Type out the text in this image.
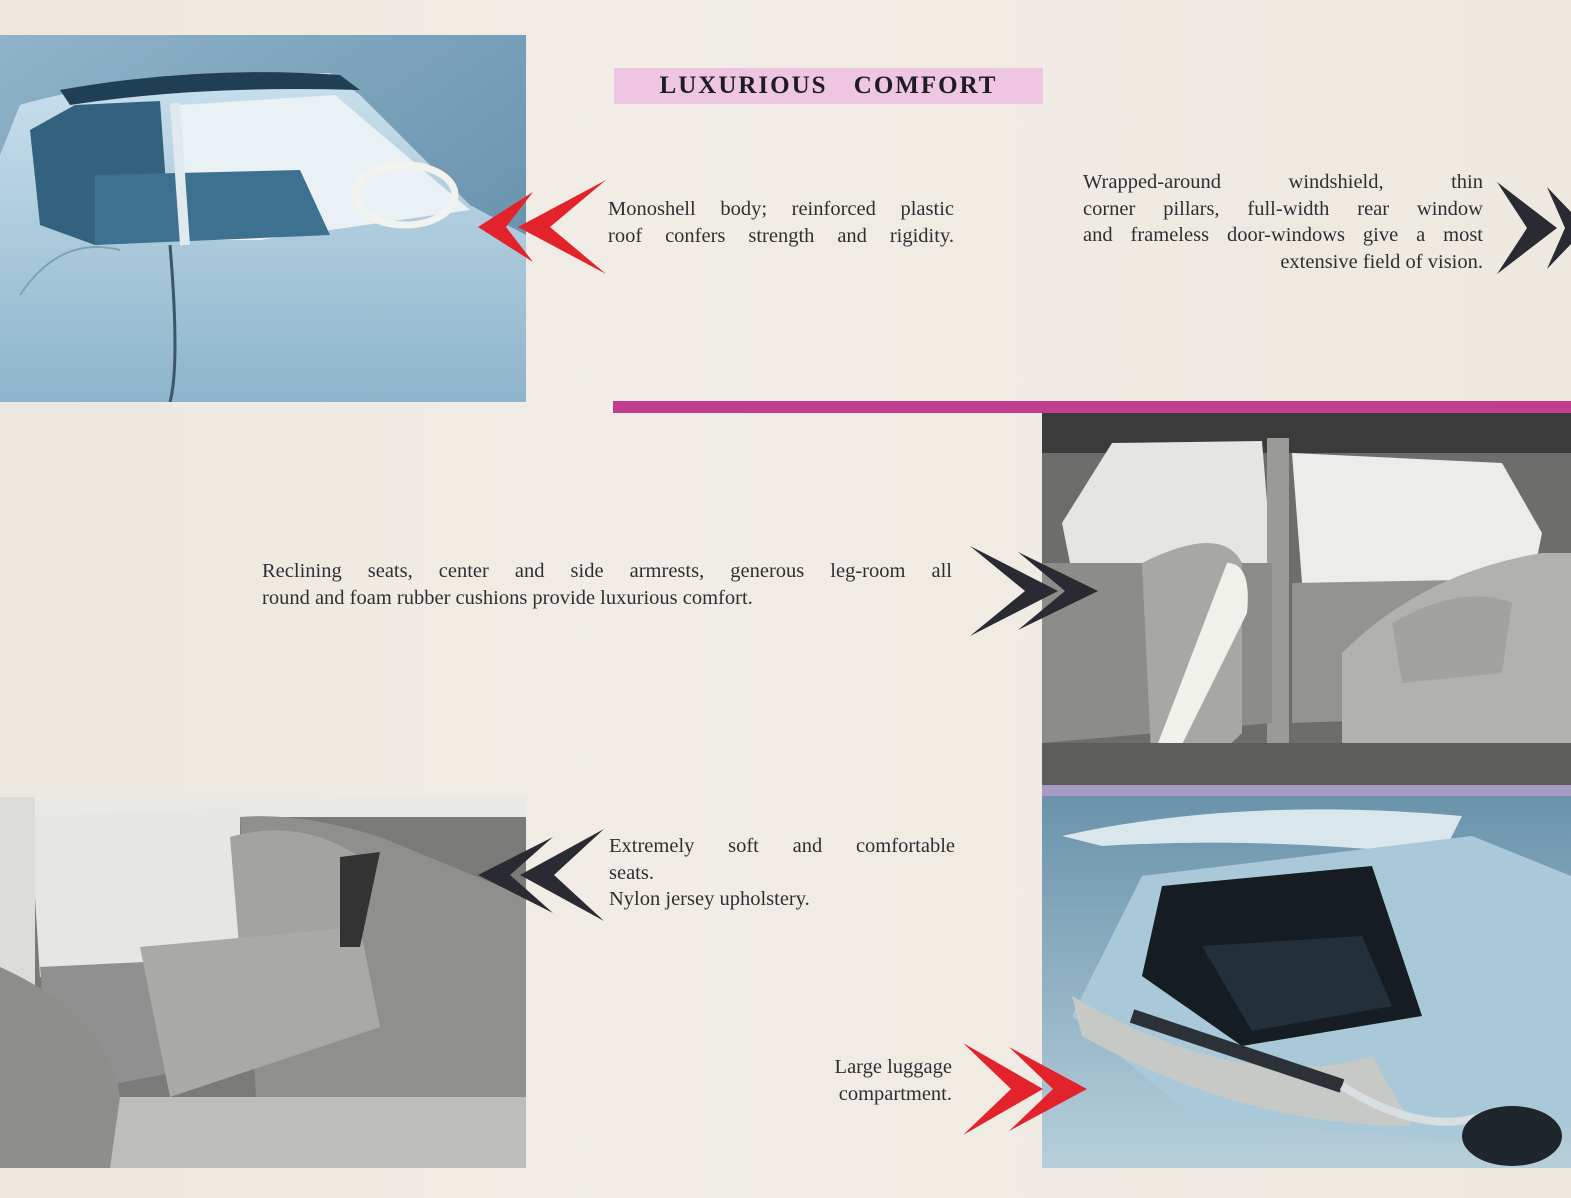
LUXURIOUS COMFORT

Monoshell body; reinforced plastic

roof confers strength and rigidity.

Wrapped-around windshield, thin

corner pillars, full-width rear window

and frameless door-windows give a most

extensive field of vision.

Reclining seats, center and side armrests, generous leg-room all

round and foam rubber cushions provide luxurious comfort.

Extremely soft and comfortable

seats.

Nylon jersey upholstery.

Large luggage

compartment.
